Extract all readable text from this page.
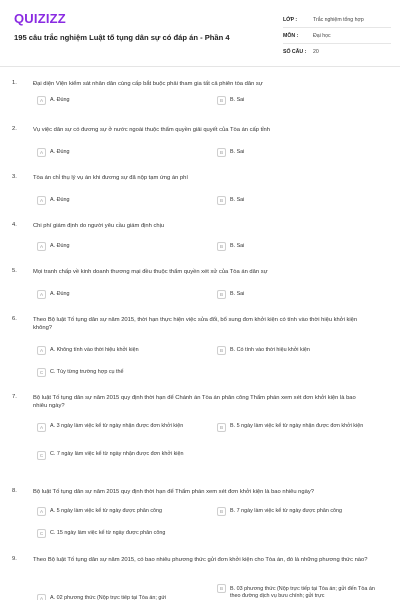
QUIZIZZ
195 câu trắc nghiệm Luật tố tụng dân sự có đáp án - Phần 4
LỚP :	Trắc nghiệm tổng hợp
MÔN :	Đại học
SỐ CÂU :	20
1.	Đại diện Viện kiểm sát nhân dân cùng cấp bắt buộc phải tham gia tất cả phiên tòa dân sự
A	A. Đúng	B	B. Sai
2.	Vụ việc dân sự có đương sự ở nước ngoài thuộc thẩm quyền giải quyết của Tòa án cấp tỉnh
A	A. Đúng	B	B. Sai
3.	Tòa án chỉ thụ lý vụ án khi đương sự đã nộp tạm ứng án phí
A	A. Đúng	B	B. Sai
4.	Chi phí giám định do người yêu cầu giám định chịu
A	A. Đúng	B	B. Sai
5.	Mọi tranh chấp về kinh doanh thương mại đều thuộc thẩm quyền xét xử của Tòa án dân sự
A	A. Đúng	B	B. Sai
6.	Theo Bộ luật Tố tụng dân sự năm 2015, thời hạn thực hiện việc sửa đổi, bổ sung đơn khởi kiện có tính vào thời hiệu khởi kiện không?
A	A. Không tính vào thời hiệu khởi kiện	B	B. Có tính vào thời hiệu khởi kiện
C	C. Tùy từng trường hợp cụ thể
7.	Bộ luật Tố tụng dân sự năm 2015 quy định thời hạn để Chánh án Tòa án phân công Thẩm phán xem xét đơn khởi kiện là bao nhiêu ngày?
A	A. 3 ngày làm việc kể từ ngày nhận được đơn khởi kiện	B	B. 5 ngày làm việc kể từ ngày nhận được đơn khởi kiện
C	C. 7 ngày làm việc kể từ ngày nhận được đơn khởi kiện
8.	Bộ luật Tố tụng dân sự năm 2015 quy định thời hạn để Thẩm phán xem xét đơn khởi kiện là bao nhiêu ngày?
A	A. 5 ngày làm việc kể từ ngày được phân công	B	B. 7 ngày làm việc kể từ ngày được phân công
C	C. 15 ngày làm việc kể từ ngày được phân công
9.	Theo Bộ luật Tố tụng dân sự năm 2015, có bao nhiêu phương thức gửi đơn khởi kiện cho Tòa án, đó là những phương thức nào?
A	A. 02 phương thức (Nộp trực tiếp tại Tòa án; gửi
B	B. 03 phương thức (Nộp trực tiếp tại Tòa án; gửi đến Tòa án theo đường dịch vụ bưu chính; gửi trực
